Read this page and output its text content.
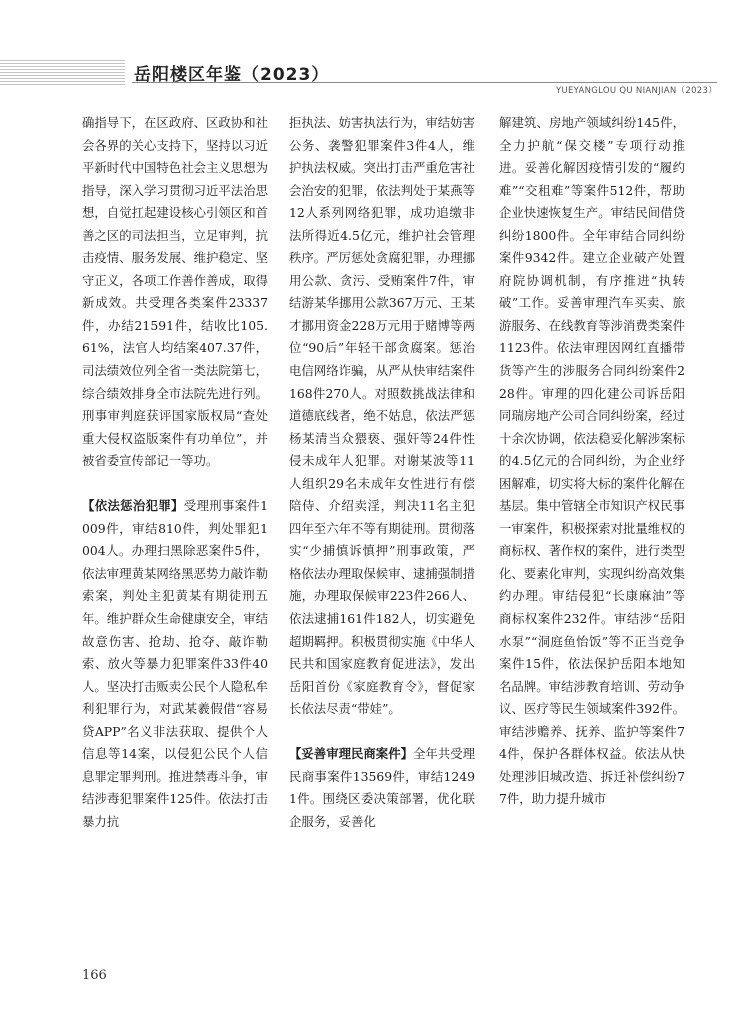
岳阳楼区年鉴（2023）
YUEYANGLOU QU NIANJIAN（2023）

确指导下，在区政府、区政协和社会各界的关心支持下，坚持以习近平新时代中国特色社会主义思想为指导，深入学习贯彻习近平法治思想，自觉扛起建设核心引领区和首善之区的司法担当，立足审判，抗击疫情、服务发展、维护稳定、坚守正义，各项工作善作善成，取得新成效。共受理各类案件23337件，办结21591件，结收比105.61%，法官人均结案407.37件，司法绩效位列全省一类法院第七，综合绩效排身全市法院先进行列。刑事审判庭获评国家版权局“查处重大侵权盗版案件有功单位”，并被省委宣传部记一等功。

【依法惩治犯罪】受理刑事案件1009件，审结810件，判处罪犯1004人。办理扫黑除恶案件5件，依法审理黄某网络黑恶势力敲诈勒索案，判处主犯黄某有期徒刑五年。维护群众生命健康安全，审结故意伤害、抢劫、抢夺、敲诈勒索、放火等暴力犯罪案件33件40人。坚决打击贩卖公民个人隐私牟利犯罪行为，对武某羲假借“容易贷APP”名义非法获取、提供个人信息等14案，以侵犯公民个人信息罪定罪判刑。推进禁毒斗争，审结涉毒犯罪案件125件。依法打击暴力抗

拒执法、妨害执法行为，审结妨害公务、袭警犯罪案件3件4人，维护执法权威。突出打击严重危害社会治安的犯罪，依法判处于某燕等12人系列网络犯罪，成功追缴非法所得近4.5亿元，维护社会管理秩序。严厉惩处贪腐犯罪，办理挪用公款、贪污、受贿案件7件，审结游某华挪用公款367万元、王某才挪用资金228万元用于赌博等两位“90后”年轻干部贪腐案。惩治电信网络诈骗，从严从快审结案件168件270人。对照数挑战法律和道德底线者，绝不姑息，依法严惩杨某清当众猥亵、强奸等24件性侵未成年人犯罪。对谢某波等11人组织29名未成年女性进行有偿陪侍、介绍卖淫，判决11名主犯四年至六年不等有期徒刑。贯彻落实“少捕慎诉慎押”刑事政策，严格依法办理取保候审、逮捕强制措施，办理取保候审223件266人、依法逮捕161件182人，切实避免超期羁押。积极贯彻实施《中华人民共和国家庭教育促进法》，发出岳阳首份《家庭教育令》，督促家长依法尽责“带娃”。

【妥善审理民商案件】全年共受理民商事案件13569件，审结12491件。围绕区委决策部署，优化联企服务，妥善化

解建筑、房地产领域纠纷145件，全力护航“保交楼”专项行动推进。妥善化解因疫情引发的“履约难”“交租难”等案件512件，帮助企业快速恢复生产。审结民间借贷纠纷1800件。全年审结合同纠纷案件9342件。建立企业破产处置府院协调机制，有序推进“执转破”工作。妥善审理汽车买卖、旅游服务、在线教育等涉消费类案件1123件。依法审理因网红直播带货等产生的涉服务合同纠纷案件228件。审理的四化建公司诉岳阳同瑞房地产公司合同纠纷案，经过十余次协调，依法稳妥化解涉案标的4.5亿元的合同纠纷，为企业纾困解难，切实将大标的案件化解在基层。集中管辖全市知识产权民事一审案件，积极探索对批量维权的商标权、著作权的案件，进行类型化、要素化审判，实现纠纷高效集约办理。审结侵犯“长康麻油”等商标权案件232件。审结涉“岳阳水泵”“洞庭鱼怡饭”等不正当竞争案件15件，依法保护岳阳本地知名品牌。审结涉教育培训、劳动争议、医疗等民生领域案件392件。审结涉赡养、抚养、监护等案件74件，保护各群体权益。依法从快处理涉旧城改造、拆迁补偿纠纷77件，助力提升城市

166
